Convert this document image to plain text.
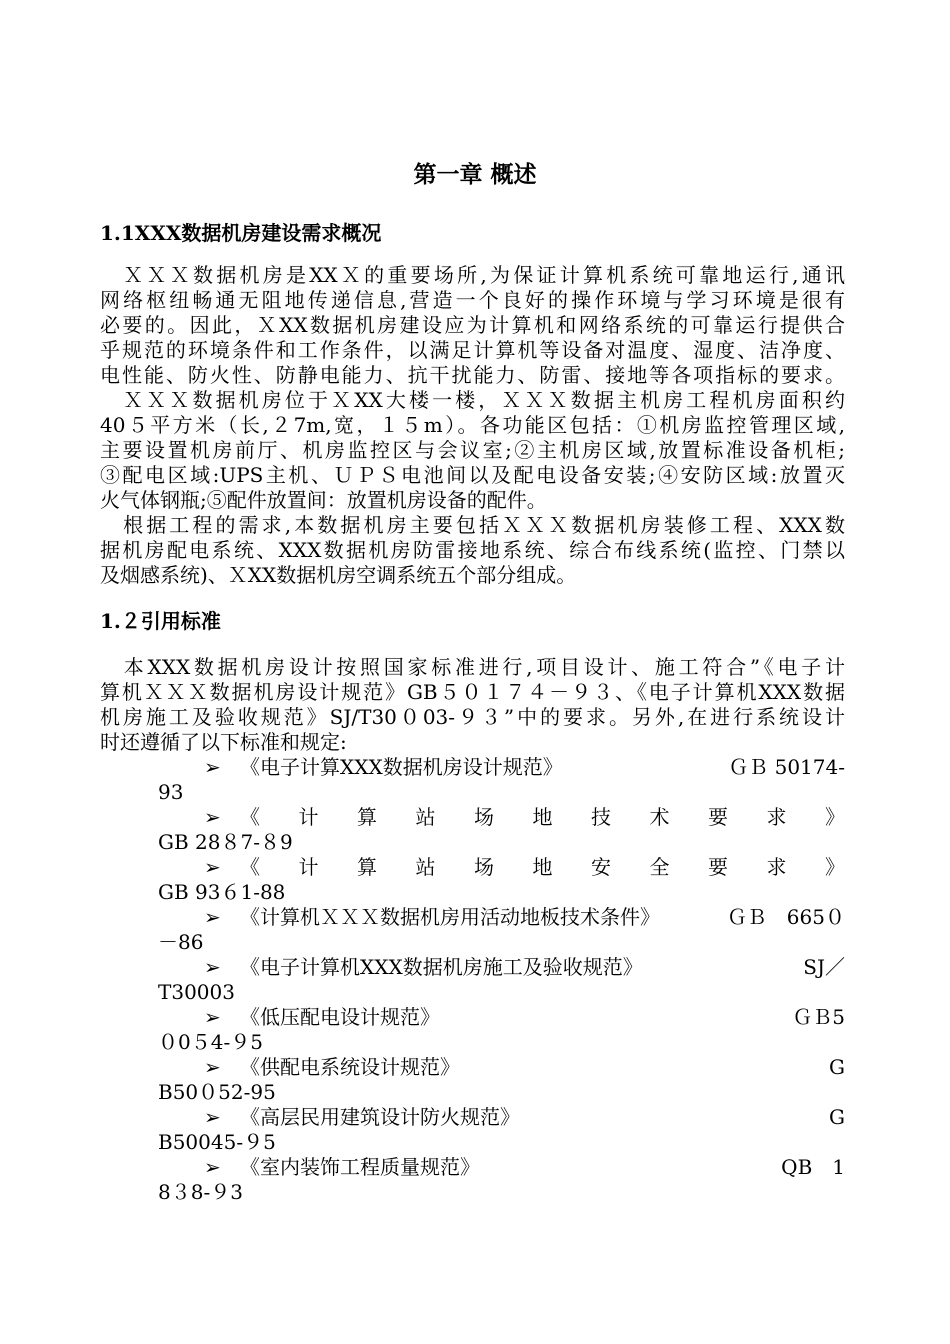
第一章 概述
1.1XXX数据机房建设需求概况
　ＸＸＸ数据机房是XXＸ的重要场所,为保证计算机系统可靠地运行,通讯
网络枢纽畅通无阻地传递信息,营造一个良好的操作环境与学习环境是很有
必要的。因此，ＸXX数据机房建设应为计算机和网络系统的可靠运行提供合
乎规范的环境条件和工作条件，以满足计算机等设备对温度、湿度、洁净度、
电性能、防火性、防静电能力、抗干扰能力、防雷、接地等各项指标的要求。
　ＸＸＸ数据机房位于ＸXX大楼一楼，ＸＸＸ数据主机房工程机房面积约
40５平方米（长,２7m,宽，１５m）。各功能区包括：①机房监控管理区域,
主要设置机房前厅、机房监控区与会议室;②主机房区域,放置标准设备机柜;
③配电区域:UPS主机、ＵＰＳ电池间以及配电设备安装;④安防区域:放置灭
火气体钢瓶;⑤配件放置间：放置机房设备的配件。
　根据工程的需求,本数据机房主要包括ＸＸＸ数据机房装修工程、XXX数
据机房配电系统、XXX数据机房防雷接地系统、综合布线系统(监控、门禁以
及烟感系统)、ＸXX数据机房空调系统五个部分组成。
1.２引用标准
　本XXX数据机房设计按照国家标准进行,项目设计、施工符合”《电子计
算机ＸＸＸ数据机房设计规范》GB５０１７４－９３、《电子计算机XXX数据
机房施工及验收规范》SJ/T30０03-９３”中的要求。另外,在进行系统设计
时还遵循了以下标准和规定:
➢ 《电子计算XXX数据机房设计规范》	ＧＢ 50174-
93
➢ 《 计 算 站 场 地 技 术 要 求 》
GB 28８7-８9
➢ 《 计 算 站 场 地 安 全 要 求 》
GB 93６1-88
➢ 《计算机ＸＸＸ数据机房用活动地板技术条件》	ＧＢ　665０
－86
➢ 《电子计算机XXX数据机房施工及验收规范》	SJ／
T30003
➢ 《低压配电设计规范》	ＧＢ5
０0５4-９5
➢ 《供配电系统设计规范》	G
B50０52-95
➢ 《高层民用建筑设计防火规范》	G
B50045-９5
➢ 《室内装饰工程质量规范》	QB　1
8３8-９3
